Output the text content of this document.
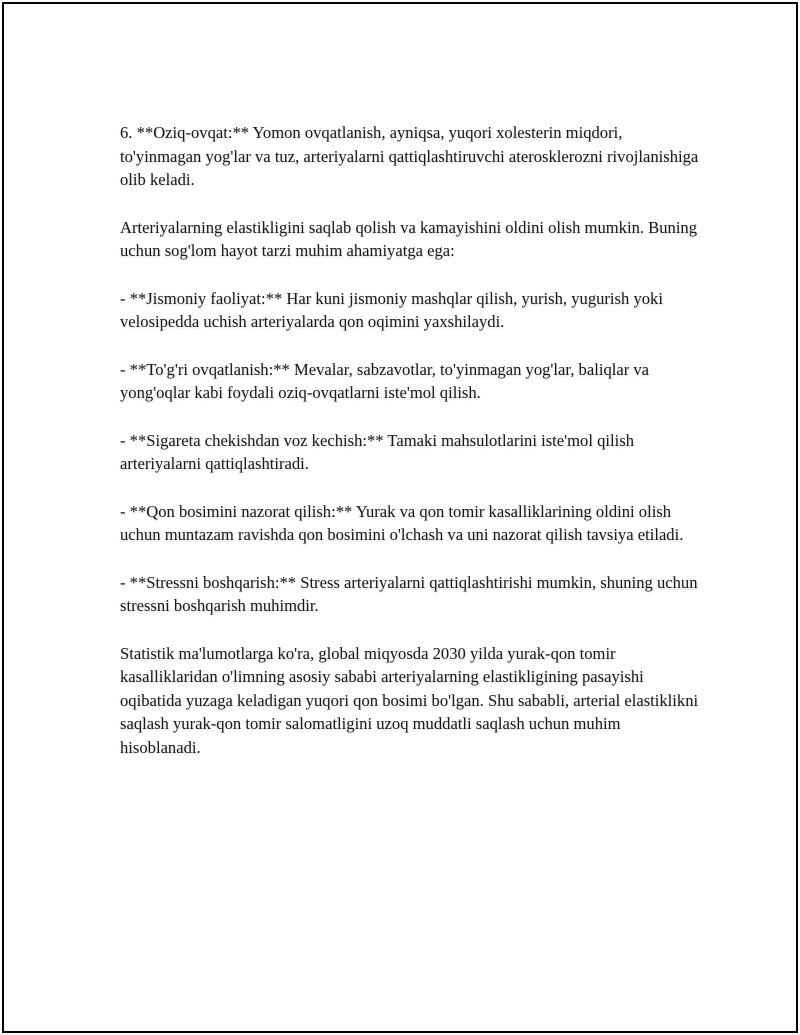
6. **Oziq-ovqat:** Yomon ovqatlanish, ayniqsa, yuqori xolesterin miqdori, to'yinmagan yog'lar va tuz, arteriyalarni qattiqlashtiruvchi aterosklerozni rivojlanishiga olib keladi.

Arteriyalarning elastikligini saqlab qolish va kamayishini oldini olish mumkin. Buning uchun sog'lom hayot tarzi muhim ahamiyatga ega:

- **Jismoniy faoliyat:** Har kuni jismoniy mashqlar qilish, yurish, yugurish yoki velosipedda uchish arteriyalarda qon oqimini yaxshilaydi.

- **To'g'ri ovqatlanish:** Mevalar, sabzavotlar, to'yinmagan yog'lar, baliqlar va yong'oqlar kabi foydali oziq-ovqatlarni iste'mol qilish.

- **Sigareta chekishdan voz kechish:** Tamaki mahsulotlarini iste'mol qilish arteriyalarni qattiqlashtiradi.

- **Qon bosimini nazorat qilish:** Yurak va qon tomir kasalliklarining oldini olish uchun muntazam ravishda qon bosimini o'lchash va uni nazorat qilish tavsiya etiladi.

- **Stressni boshqarish:** Stress arteriyalarni qattiqlashtirishi mumkin, shuning uchun stressni boshqarish muhimdir.

Statistik ma'lumotlarga ko'ra, global miqyosda 2030 yilda yurak-qon tomir kasalliklaridan o'limning asosiy sababi arteriyalarning elastikligining pasayishi oqibatida yuzaga keladigan yuqori qon bosimi bo'lgan. Shu sababli, arterial elastiklikni saqlash yurak-qon tomir salomatligini uzoq muddatli saqlash uchun muhim hisoblanadi.
